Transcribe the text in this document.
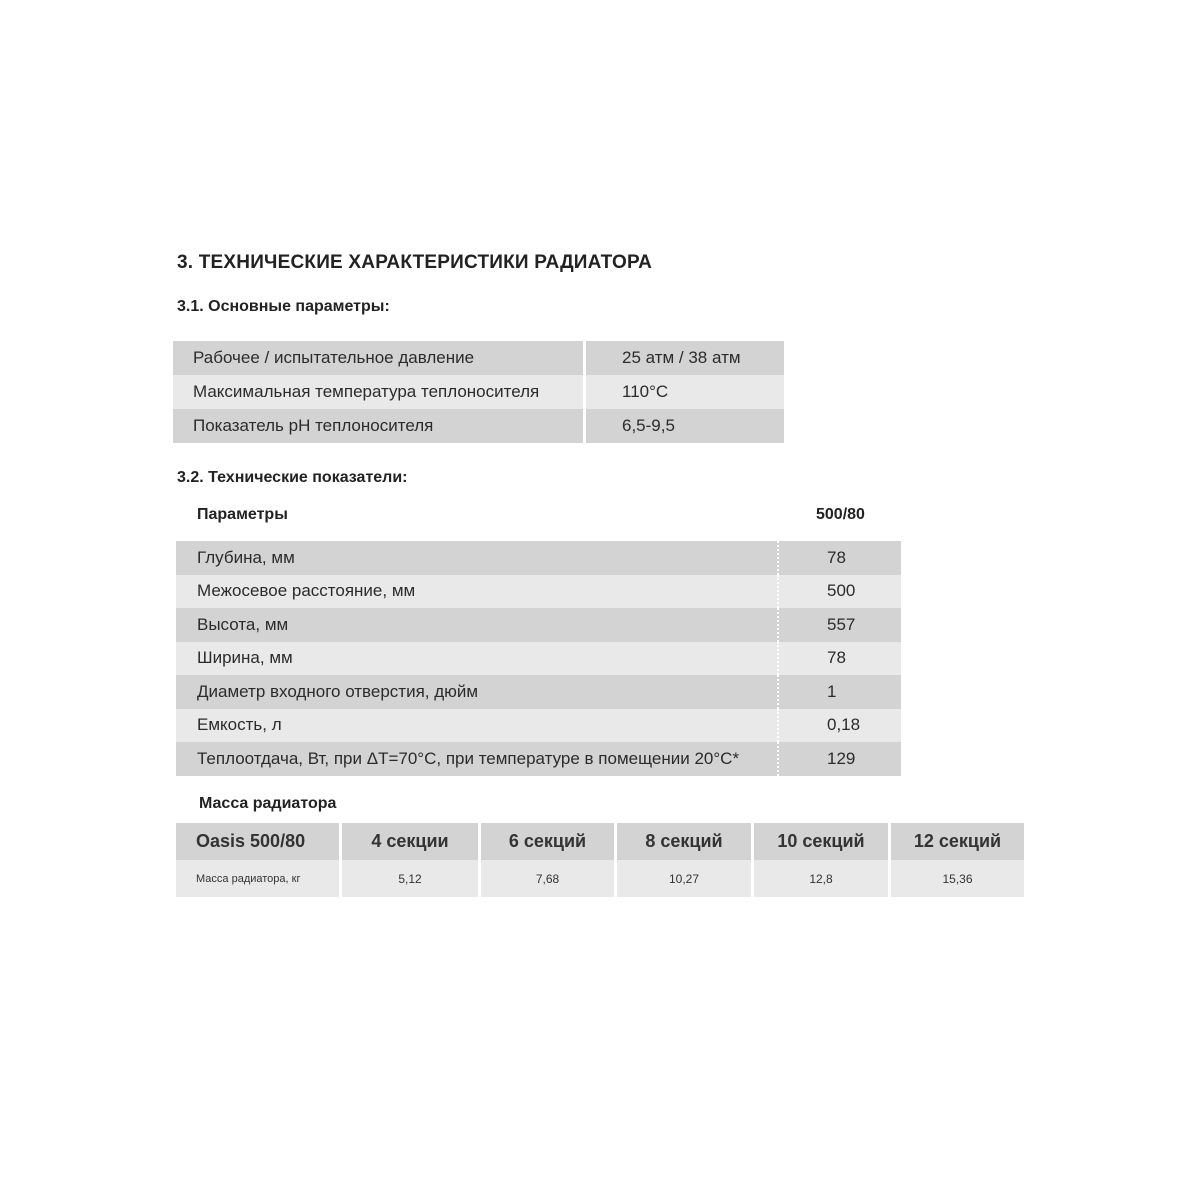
3. ТЕХНИЧЕСКИЕ ХАРАКТЕРИСТИКИ РАДИАТОРА
3.1. Основные параметры:
Рабочее / испытательное давление	25 атм / 38 атм
Максимальная температура теплоносителя	110°С
Показатель pH теплоносителя	6,5-9,5
3.2. Технические показатели:
Параметры	500/80
Глубина, мм	78
Межосевое расстояние, мм	500
Высота, мм	557
Ширина, мм	78
Диаметр входного отверстия, дюйм	1
Емкость, л	0,18
Теплоотдача, Вт, при ΔТ=70°С, при температуре в помещении 20°С*	129
Масса радиатора
Oasis 500/80	4 секции	6 секций	8 секций	10 секций	12 секций
Масса радиатора, кг	5,12	7,68	10,27	12,8	15,36
